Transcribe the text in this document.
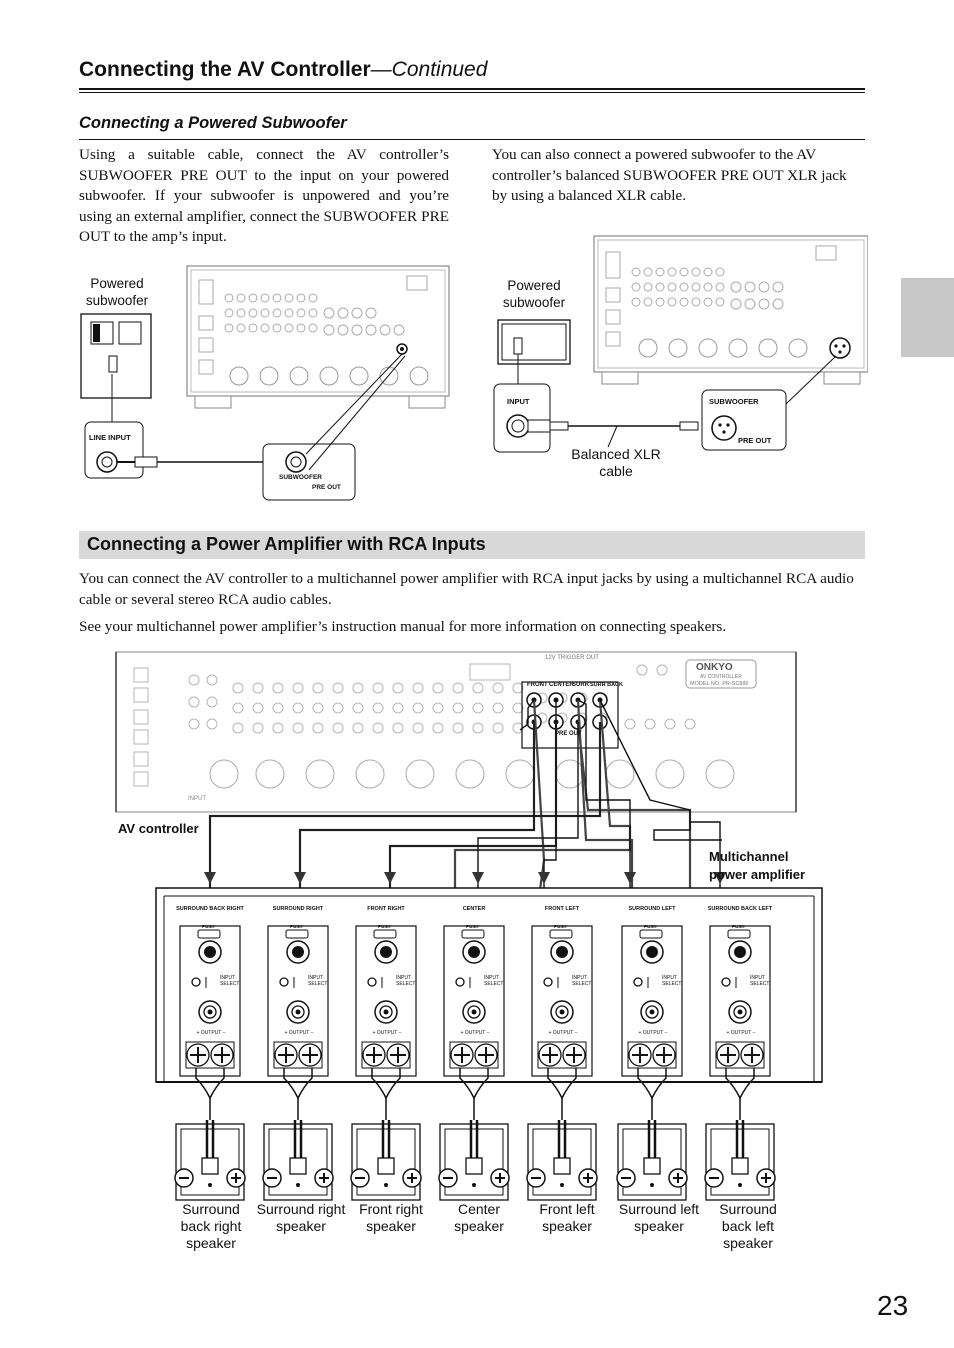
Connecting the AV Controller—Continued
Connecting a Powered Subwoofer
Using a suitable cable, connect the AV controller’s SUBWOOFER PRE OUT to the input on your powered subwoofer. If your subwoofer is unpowered and you’re using an external amplifier, connect the SUBWOOFER PRE OUT to the amp’s input.
You can also connect a powered subwoofer to the AV controller’s balanced SUBWOOFER PRE OUT XLR jack by using a balanced XLR cable.
Powered subwoofer
LINE INPUT
SUBWOOFER
PRE OUT
Powered subwoofer
INPUT	SUBWOOFER
PRE OUT
Balanced XLR cable
Connecting a Power Amplifier with RCA Inputs
You can connect the AV controller to a multichannel power amplifier with RCA input jacks by using a multichannel RCA audio cable or several stereo RCA audio cables.
See your multichannel power amplifier’s instruction manual for more information on connecting speakers.
FRONT CENTER
SURR SURR BACK
PRE OUT
12V TRIGGER OUT
ONKYO
AV CONTROLLER
MODEL NO. PR-SC886
INPUT
AV controller
Multichannel power amplifier
SURROUND BACK RIGHT
PUSH
INPUT SELECT
+ OUTPUT −
SURROUND RIGHT
PUSH
INPUT SELECT
+ OUTPUT −
FRONT RIGHT
PUSH
INPUT SELECT
+ OUTPUT −
CENTER
PUSH
INPUT SELECT
+ OUTPUT −
FRONT LEFT
PUSH
INPUT SELECT
+ OUTPUT −
SURROUND LEFT
PUSH
INPUT SELECT
+ OUTPUT −
SURROUND BACK LEFT
PUSH
INPUT SELECT
+ OUTPUT −
Surround back right speaker
Surround right speaker
Front right speaker
Center speaker
Front left speaker
Surround left speaker
Surround back left speaker
23
